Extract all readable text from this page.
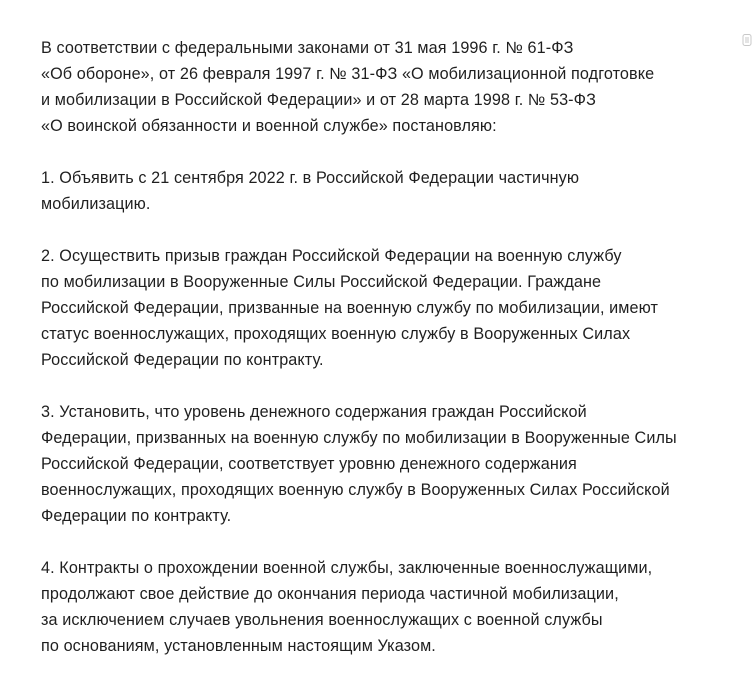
В соответствии с федеральными законами от 31 мая 1996 г. № 61-ФЗ
«Об обороне», от 26 февраля 1997 г. № 31-ФЗ «О мобилизационной подготовке
и мобилизации в Российской Федерации» и от 28 марта 1998 г. № 53-ФЗ
«О воинской обязанности и военной службе» постановляю:

1. Объявить с 21 сентября 2022 г. в Российской Федерации частичную
мобилизацию.

2. Осуществить призыв граждан Российской Федерации на военную службу
по мобилизации в Вооруженные Силы Российской Федерации. Граждане
Российской Федерации, призванные на военную службу по мобилизации, имеют
статус военнослужащих, проходящих военную службу в Вооруженных Силах
Российской Федерации по контракту.

3. Установить, что уровень денежного содержания граждан Российской
Федерации, призванных на военную службу по мобилизации в Вооруженные Силы
Российской Федерации, соответствует уровню денежного содержания
военнослужащих, проходящих военную службу в Вооруженных Силах Российской
Федерации по контракту.

4. Контракты о прохождении военной службы, заключенные военнослужащими,
продолжают свое действие до окончания периода частичной мобилизации,
за исключением случаев увольнения военнослужащих с военной службы
по основаниям, установленным настоящим Указом.
